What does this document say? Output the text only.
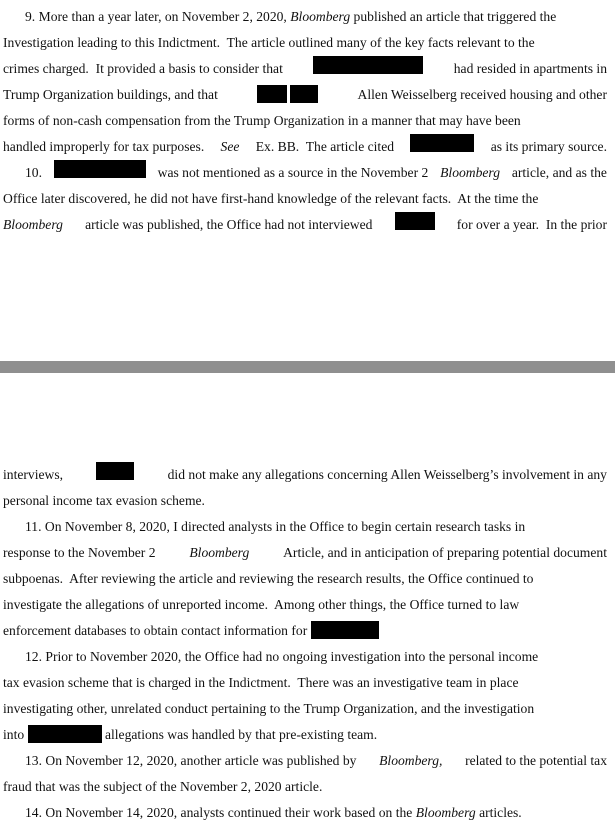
9. More than a year later, on November 2, 2020, Bloomberg published an article that triggered the
Investigation leading to this Indictment.  The article outlined many of the key facts relevant to the
crimes charged.  It provided a basis to consider that	had resided in apartments in
Trump Organization buildings, and that
	Allen Weisselberg received housing and other
forms of non-cash compensation from the Trump Organization in a manner that may have been
handled improperly for tax purposes. See Ex. BB.  The article cited	as its primary source.
10.	was not mentioned as a source in the November 2 Bloomberg article, and as the
Office later discovered, he did not have first-hand knowledge of the relevant facts.  At the time the
Bloomberg article was published, the Office had not interviewed	for over a year.  In the prior
interviews,	did not make any allegations concerning Allen Weisselberg’s involvement in any
personal income tax evasion scheme.
11. On November 8, 2020, I directed analysts in the Office to begin certain research tasks in
response to the November 2 Bloomberg Article, and in anticipation of preparing potential document
subpoenas.  After reviewing the article and reviewing the research results, the Office continued to
investigate the allegations of unreported income.  Among other things, the Office turned to law
enforcement databases to obtain contact information for
12. Prior to November 2020, the Office had no ongoing investigation into the personal income
tax evasion scheme that is charged in the Indictment.  There was an investigative team in place
investigating other, unrelated conduct pertaining to the Trump Organization, and the investigation
into	allegations was handled by that pre-existing team.
13. On November 12, 2020, another article was published by Bloomberg, related to the potential tax
fraud that was the subject of the November 2, 2020 article.
14. On November 14, 2020, analysts continued their work based on the Bloomberg articles.
